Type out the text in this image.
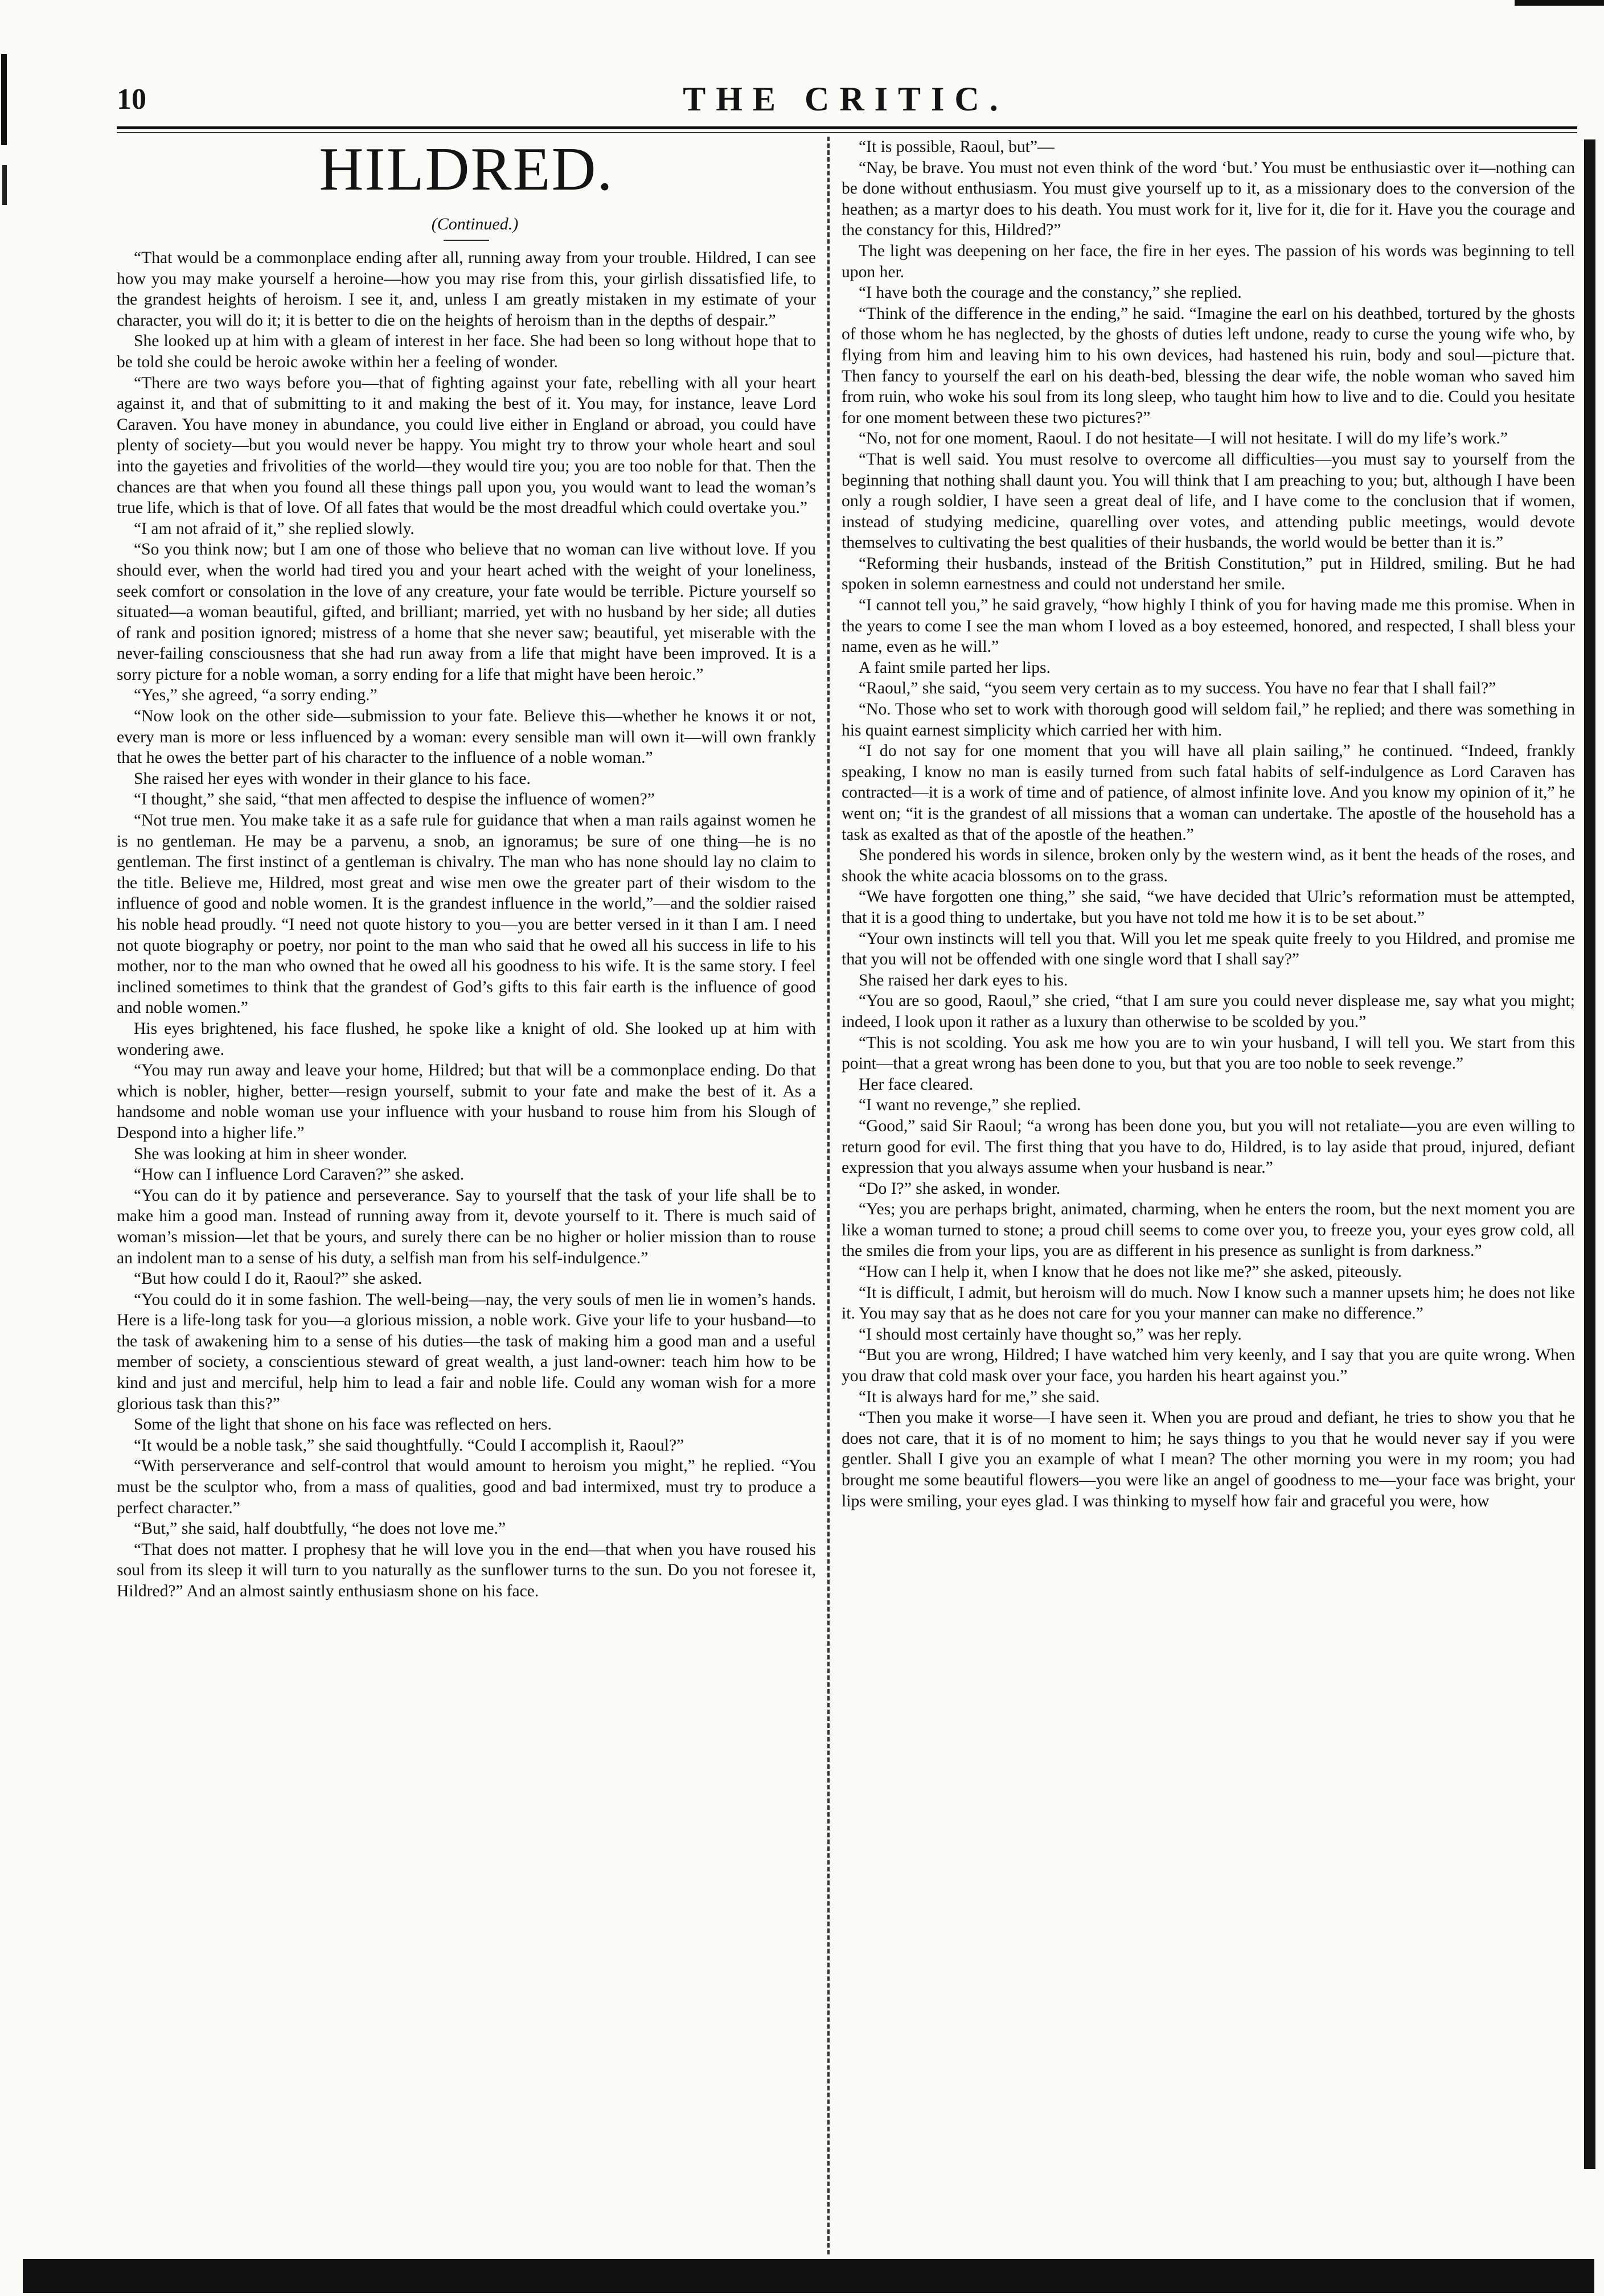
10	THE CRITIC.
HILDRED.

(Continued.)

“That would be a commonplace ending after all, running away from your trouble. Hildred, I can see how you may make yourself a heroine—how you may rise from this, your girlish dissatisfied life, to the grandest heights of heroism. I see it, and, unless I am greatly mistaken in my estimate of your character, you will do it; it is better to die on the heights of heroism than in the depths of despair.”

She looked up at him with a gleam of interest in her face. She had been so long without hope that to be told she could be heroic awoke within her a feeling of wonder.

“There are two ways before you—that of fighting against your fate, rebelling with all your heart against it, and that of submitting to it and making the best of it. You may, for instance, leave Lord Caraven. You have money in abundance, you could live either in England or abroad, you could have plenty of society—but you would never be happy. You might try to throw your whole heart and soul into the gayeties and frivolities of the world—they would tire you; you are too noble for that. Then the chances are that when you found all these things pall upon you, you would want to lead the woman’s true life, which is that of love. Of all fates that would be the most dreadful which could overtake you.”

“I am not afraid of it,” she replied slowly.

“So you think now; but I am one of those who believe that no woman can live without love. If you should ever, when the world had tired you and your heart ached with the weight of your loneliness, seek comfort or consolation in the love of any creature, your fate would be terrible. Picture yourself so situated—a woman beautiful, gifted, and brilliant; married, yet with no husband by her side; all duties of rank and position ignored; mistress of a home that she never saw; beautiful, yet miserable with the never-failing consciousness that she had run away from a life that might have been improved. It is a sorry picture for a noble woman, a sorry ending for a life that might have been heroic.”

“Yes,” she agreed, “a sorry ending.”

“Now look on the other side—submission to your fate. Believe this—whether he knows it or not, every man is more or less influenced by a woman: every sensible man will own it—will own frankly that he owes the better part of his character to the influence of a noble woman.”

She raised her eyes with wonder in their glance to his face.

“I thought,” she said, “that men affected to despise the influence of women?”

“Not true men. You make take it as a safe rule for guidance that when a man rails against women he is no gentleman. He may be a parvenu, a snob, an ignoramus; be sure of one thing—he is no gentleman. The first instinct of a gentleman is chivalry. The man who has none should lay no claim to the title. Believe me, Hildred, most great and wise men owe the greater part of their wisdom to the influence of good and noble women. It is the grandest influence in the world,”—and the soldier raised his noble head proudly. “I need not quote history to you—you are better versed in it than I am. I need not quote biography or poetry, nor point to the man who said that he owed all his success in life to his mother, nor to the man who owned that he owed all his goodness to his wife. It is the same story. I feel inclined sometimes to think that the grandest of God’s gifts to this fair earth is the influence of good and noble women.”

His eyes brightened, his face flushed, he spoke like a knight of old. She looked up at him with wondering awe.

“You may run away and leave your home, Hildred; but that will be a commonplace ending. Do that which is nobler, higher, better—resign yourself, submit to your fate and make the best of it. As a handsome and noble woman use your influence with your husband to rouse him from his Slough of Despond into a higher life.”

She was looking at him in sheer wonder.

“How can I influence Lord Caraven?” she asked.

“You can do it by patience and perseverance. Say to yourself that the task of your life shall be to make him a good man. Instead of running away from it, devote yourself to it. There is much said of woman’s mission—let that be yours, and surely there can be no higher or holier mission than to rouse an indolent man to a sense of his duty, a selfish man from his self-indulgence.”

“But how could I do it, Raoul?” she asked.

“You could do it in some fashion. The well-being—nay, the very souls of men lie in women’s hands. Here is a life-long task for you—a glorious mission, a noble work. Give your life to your husband—to the task of awakening him to a sense of his duties—the task of making him a good man and a useful member of society, a conscientious steward of great wealth, a just land-owner: teach him how to be kind and just and merciful, help him to lead a fair and noble life. Could any woman wish for a more glorious task than this?”

Some of the light that shone on his face was reflected on hers.

“It would be a noble task,” she said thoughtfully. “Could I accomplish it, Raoul?”

“With perserverance and self-control that would amount to heroism you might,” he replied. “You must be the sculptor who, from a mass of qualities, good and bad intermixed, must try to produce a perfect character.”

“But,” she said, half doubtfully, “he does not love me.”

“That does not matter. I prophesy that he will love you in the end—that when you have roused his soul from its sleep it will turn to you naturally as the sunflower turns to the sun. Do you not foresee it, Hildred?” And an almost saintly enthusiasm shone on his face.

“It is possible, Raoul, but”—

“Nay, be brave. You must not even think of the word ‘but.’ You must be enthusiastic over it—nothing can be done without enthusiasm. You must give yourself up to it, as a missionary does to the conversion of the heathen; as a martyr does to his death. You must work for it, live for it, die for it. Have you the courage and the constancy for this, Hildred?”

The light was deepening on her face, the fire in her eyes. The passion of his words was beginning to tell upon her.

“I have both the courage and the constancy,” she replied.

“Think of the difference in the ending,” he said. “Imagine the earl on his deathbed, tortured by the ghosts of those whom he has neglected, by the ghosts of duties left undone, ready to curse the young wife who, by flying from him and leaving him to his own devices, had hastened his ruin, body and soul—picture that. Then fancy to yourself the earl on his death-bed, blessing the dear wife, the noble woman who saved him from ruin, who woke his soul from its long sleep, who taught him how to live and to die. Could you hesitate for one moment between these two pictures?”

“No, not for one moment, Raoul. I do not hesitate—I will not hesitate. I will do my life’s work.”

“That is well said. You must resolve to overcome all difficulties—you must say to yourself from the beginning that nothing shall daunt you. You will think that I am preaching to you; but, although I have been only a rough soldier, I have seen a great deal of life, and I have come to the conclusion that if women, instead of studying medicine, quarelling over votes, and attending public meetings, would devote themselves to cultivating the best qualities of their husbands, the world would be better than it is.”

“Reforming their husbands, instead of the British Constitution,” put in Hildred, smiling. But he had spoken in solemn earnestness and could not understand her smile.

“I cannot tell you,” he said gravely, “how highly I think of you for having made me this promise. When in the years to come I see the man whom I loved as a boy esteemed, honored, and respected, I shall bless your name, even as he will.”

A faint smile parted her lips.

“Raoul,” she said, “you seem very certain as to my success. You have no fear that I shall fail?”

“No. Those who set to work with thorough good will seldom fail,” he replied; and there was something in his quaint earnest simplicity which carried her with him.

“I do not say for one moment that you will have all plain sailing,” he continued. “Indeed, frankly speaking, I know no man is easily turned from such fatal habits of self-indulgence as Lord Caraven has contracted—it is a work of time and of patience, of almost infinite love. And you know my opinion of it,” he went on; “it is the grandest of all missions that a woman can undertake. The apostle of the household has a task as exalted as that of the apostle of the heathen.”

She pondered his words in silence, broken only by the western wind, as it bent the heads of the roses, and shook the white acacia blossoms on to the grass.

“We have forgotten one thing,” she said, “we have decided that Ulric’s reformation must be attempted, that it is a good thing to undertake, but you have not told me how it is to be set about.”

“Your own instincts will tell you that. Will you let me speak quite freely to you Hildred, and promise me that you will not be offended with one single word that I shall say?”

She raised her dark eyes to his.

“You are so good, Raoul,” she cried, “that I am sure you could never displease me, say what you might; indeed, I look upon it rather as a luxury than otherwise to be scolded by you.”

“This is not scolding. You ask me how you are to win your husband, I will tell you. We start from this point—that a great wrong has been done to you, but that you are too noble to seek revenge.”

Her face cleared.

“I want no revenge,” she replied.

“Good,” said Sir Raoul; “a wrong has been done you, but you will not retaliate—you are even willing to return good for evil. The first thing that you have to do, Hildred, is to lay aside that proud, injured, defiant expression that you always assume when your husband is near.”

“Do I?” she asked, in wonder.

“Yes; you are perhaps bright, animated, charming, when he enters the room, but the next moment you are like a woman turned to stone; a proud chill seems to come over you, to freeze you, your eyes grow cold, all the smiles die from your lips, you are as different in his presence as sunlight is from darkness.”

“How can I help it, when I know that he does not like me?” she asked, piteously.

“It is difficult, I admit, but heroism will do much. Now I know such a manner upsets him; he does not like it. You may say that as he does not care for you your manner can make no difference.”

“I should most certainly have thought so,” was her reply.

“But you are wrong, Hildred; I have watched him very keenly, and I say that you are quite wrong. When you draw that cold mask over your face, you harden his heart against you.”

“It is always hard for me,” she said.

“Then you make it worse—I have seen it. When you are proud and defiant, he tries to show you that he does not care, that it is of no moment to him; he says things to you that he would never say if you were gentler. Shall I give you an example of what I mean? The other morning you were in my room; you had brought me some beautiful flowers—you were like an angel of goodness to me—your face was bright, your lips were smiling, your eyes glad. I was thinking to myself how fair and graceful you were, how
